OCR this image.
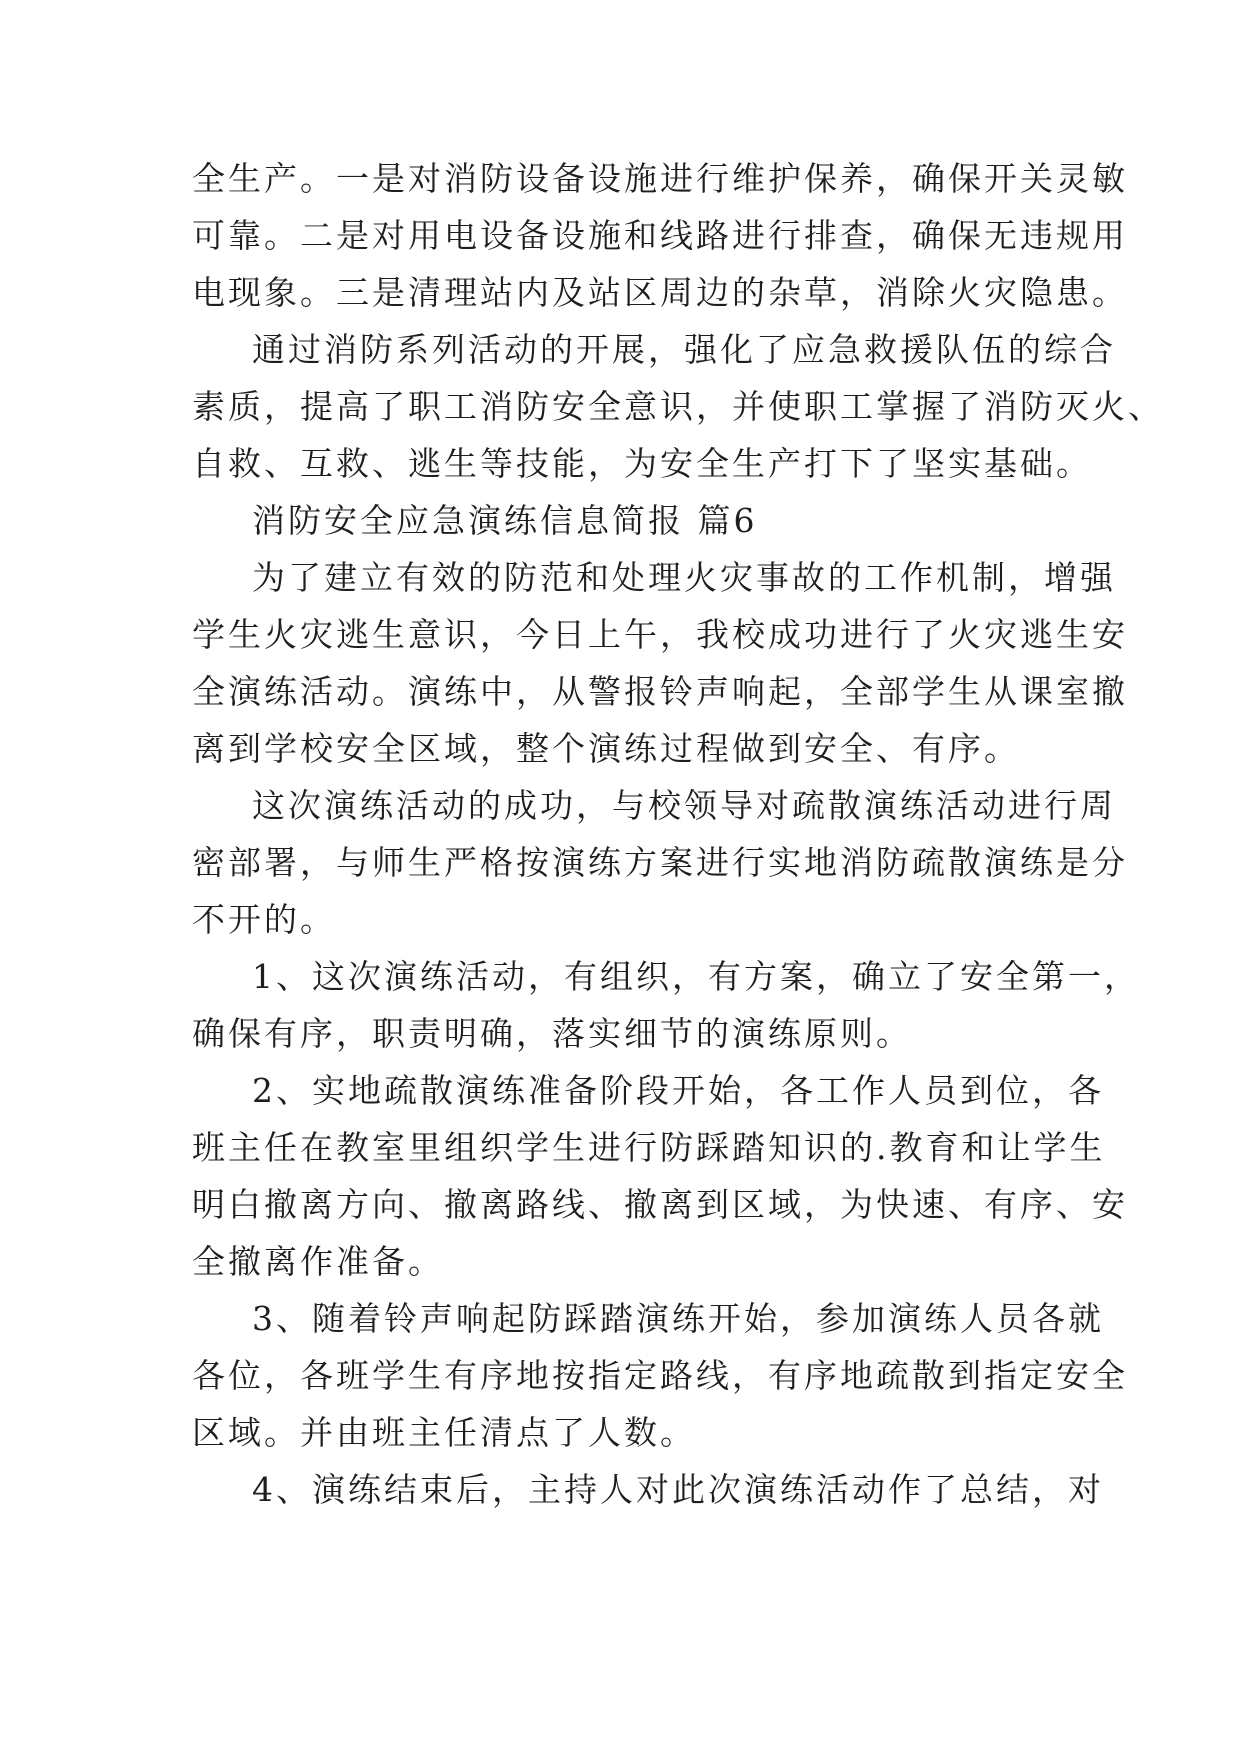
全生产。一是对消防设备设施进行维护保养，确保开关灵敏
可靠。二是对用电设备设施和线路进行排查，确保无违规用
电现象。三是清理站内及站区周边的杂草，消除火灾隐患。
通过消防系列活动的开展，强化了应急救援队伍的综合
素质，提高了职工消防安全意识，并使职工掌握了消防灭火、
自救、互救、逃生等技能，为安全生产打下了坚实基础。
消防安全应急演练信息简报 篇6
为了建立有效的防范和处理火灾事故的工作机制，增强
学生火灾逃生意识，今日上午，我校成功进行了火灾逃生安
全演练活动。演练中，从警报铃声响起，全部学生从课室撤
离到学校安全区域，整个演练过程做到安全、有序。
这次演练活动的成功，与校领导对疏散演练活动进行周
密部署，与师生严格按演练方案进行实地消防疏散演练是分
不开的。
1、这次演练活动，有组织，有方案，确立了安全第一，
确保有序，职责明确，落实细节的演练原则。
2、实地疏散演练准备阶段开始，各工作人员到位，各
班主任在教室里组织学生进行防踩踏知识的.教育和让学生
明白撤离方向、撤离路线、撤离到区域，为快速、有序、安
全撤离作准备。
3、随着铃声响起防踩踏演练开始，参加演练人员各就
各位，各班学生有序地按指定路线，有序地疏散到指定安全
区域。并由班主任清点了人数。
4、演练结束后，主持人对此次演练活动作了总结，对
